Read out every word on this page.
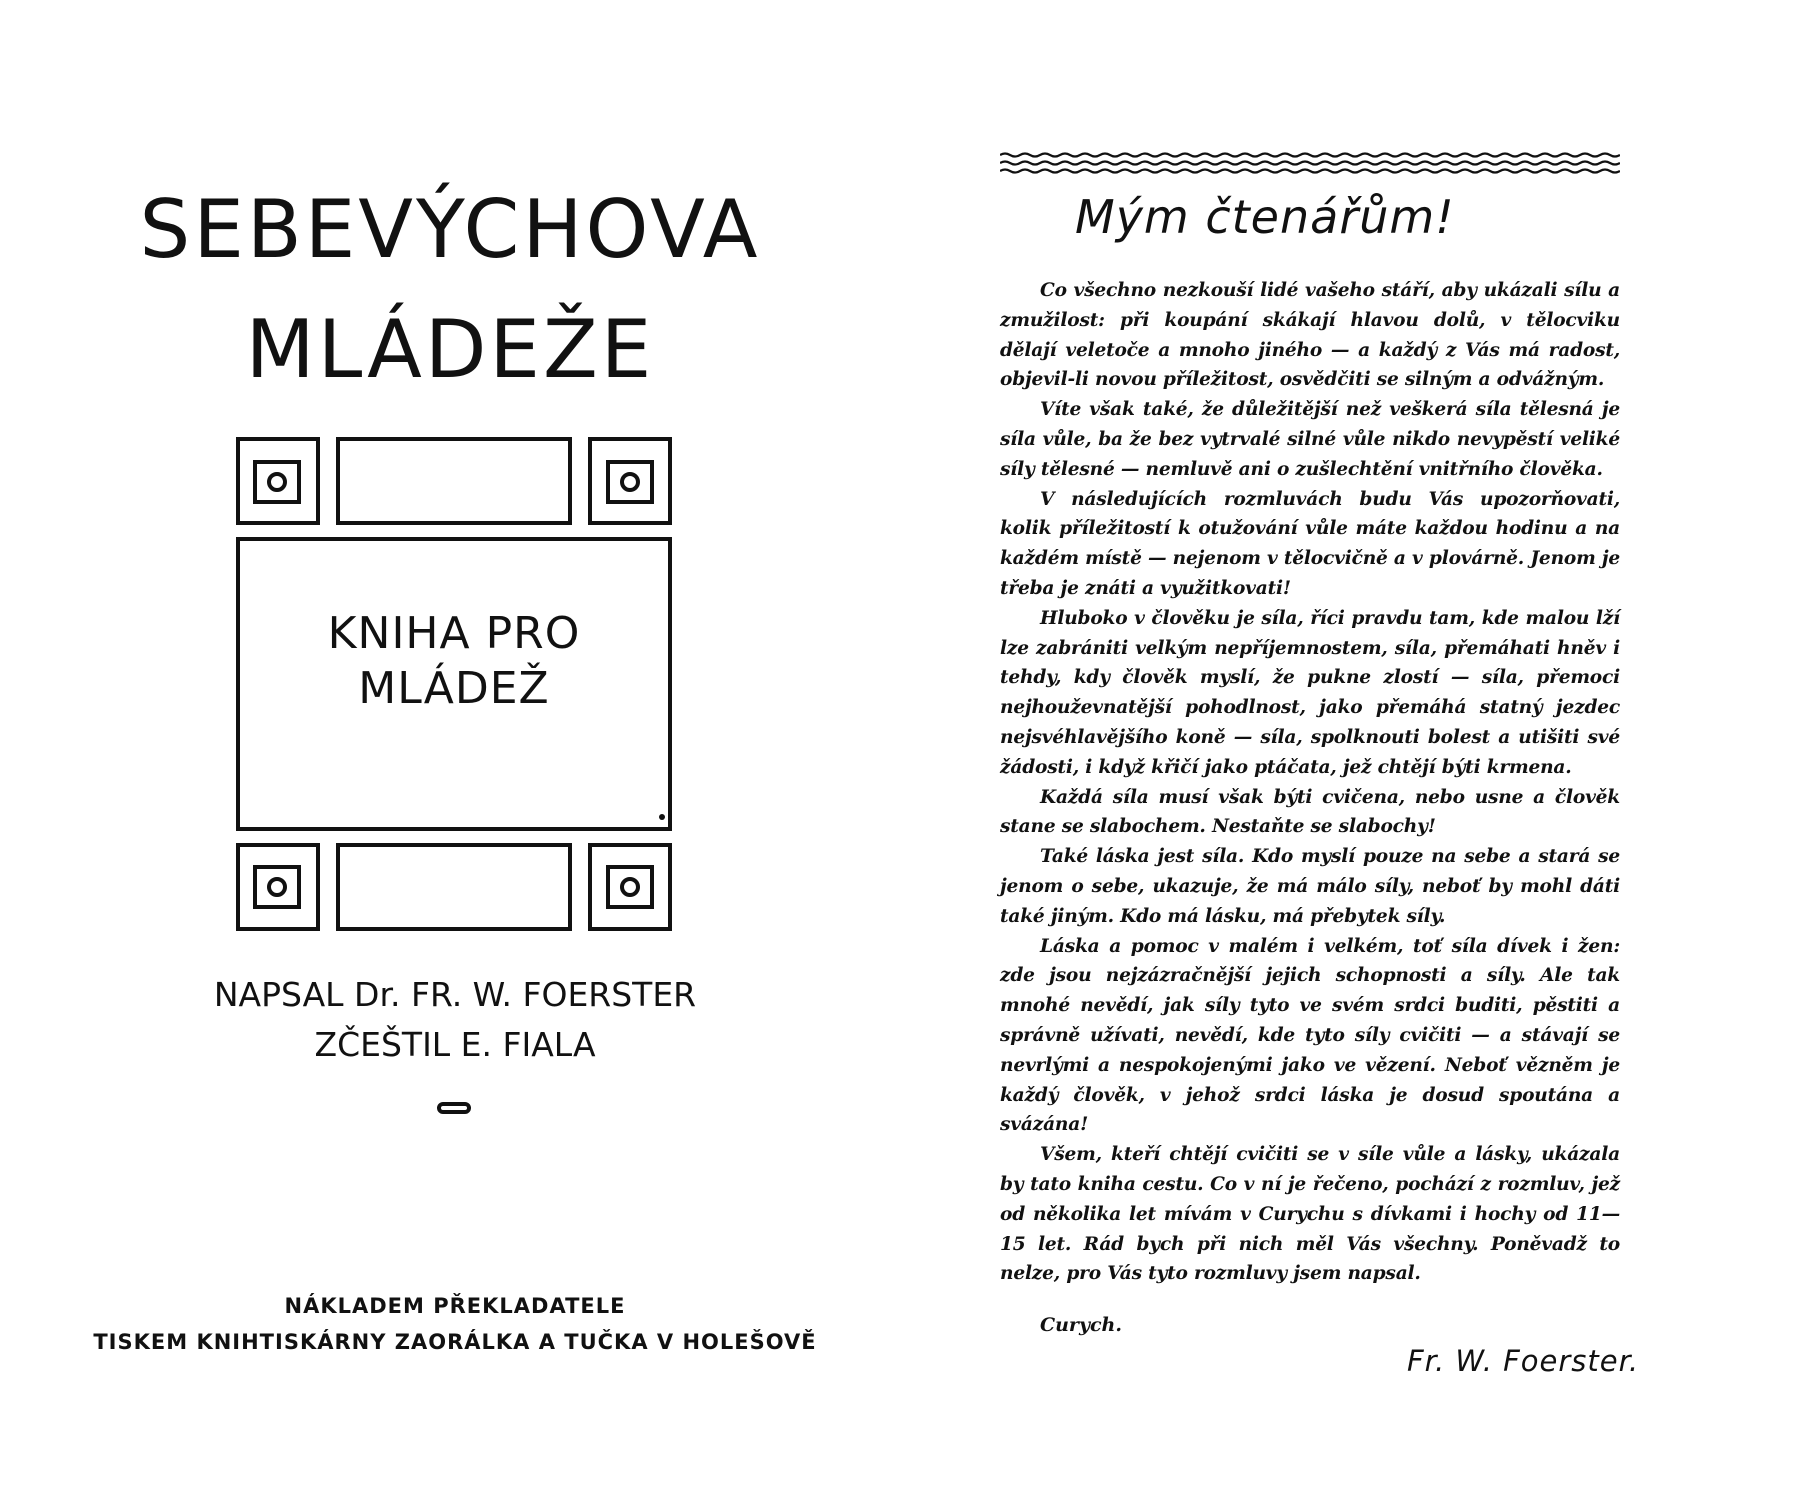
SEBEVÝCHOVA
MLÁDEŽE
KNIHA PRO
MLÁDEŽ
NAPSAL Dr. FR. W. FOERSTER
ZČEŠTIL E. FIALA
NÁKLADEM PŘEKLADATELE
TISKEM KNIHTISKÁRNY ZAORÁLKA A TUČKA V HOLEŠOVĚ
Mým čtenářům!

Co všechno nezkouší lidé vašeho stáří, aby ukázali sílu a zmužilost: při koupání skákají hlavou dolů, v tělocviku dělají veletoče a mnoho jiného — a každý z Vás má radost, objevil-li novou příležitost, osvědčiti se silným a odvážným.

Víte však také, že důležitější než veškerá síla tělesná je síla vůle, ba že bez vytrvalé silné vůle nikdo nevypěstí veliké síly tělesné — nemluvě ani o zušlechtění vnitřního člověka.

V následujících rozmluvách budu Vás upozorňovati, kolik příležitostí k otužování vůle máte každou hodinu a na každém místě — nejenom v tělocvičně a v plovárně. Jenom je třeba je znáti a využitkovati!

Hluboko v člověku je síla, říci pravdu tam, kde malou lží lze zabrániti velkým nepříjemnostem, síla, přemáhati hněv i tehdy, kdy člověk myslí, že pukne zlostí — síla, přemoci nejhouževnatější pohodlnost, jako přemáhá statný jezdec nejsvéhlavějšího koně — síla, spolknouti bolest a utišiti své žádosti, i když křičí jako ptáčata, jež chtějí býti krmena.

Každá síla musí však býti cvičena, nebo usne a člověk stane se slabochem. Nestaňte se slabochy!

Také láska jest síla. Kdo myslí pouze na sebe a stará se jenom o sebe, ukazuje, že má málo síly, neboť by mohl dáti také jiným. Kdo má lásku, má přebytek síly.

Láska a pomoc v malém i velkém, toť síla dívek i žen: zde jsou nejzázračnější jejich schopnosti a síly. Ale tak mnohé nevědí, jak síly tyto ve svém srdci buditi, pěstiti a správně užívati, nevědí, kde tyto síly cvičiti — a stávají se nevrlými a nespokojenými jako ve vězení. Neboť vězněm je každý člověk, v jehož srdci láska je dosud spoutána a svázána!

Všem, kteří chtějí cvičiti se v síle vůle a lásky, ukázala by tato kniha cestu. Co v ní je řečeno, pochází z rozmluv, jež od několika let mívám v Curychu s dívkami i hochy od 11—15 let. Rád bych při nich měl Vás všechny. Poněvadž to nelze, pro Vás tyto rozmluvy jsem napsal.

Curych.
Fr. W. Foerster.
